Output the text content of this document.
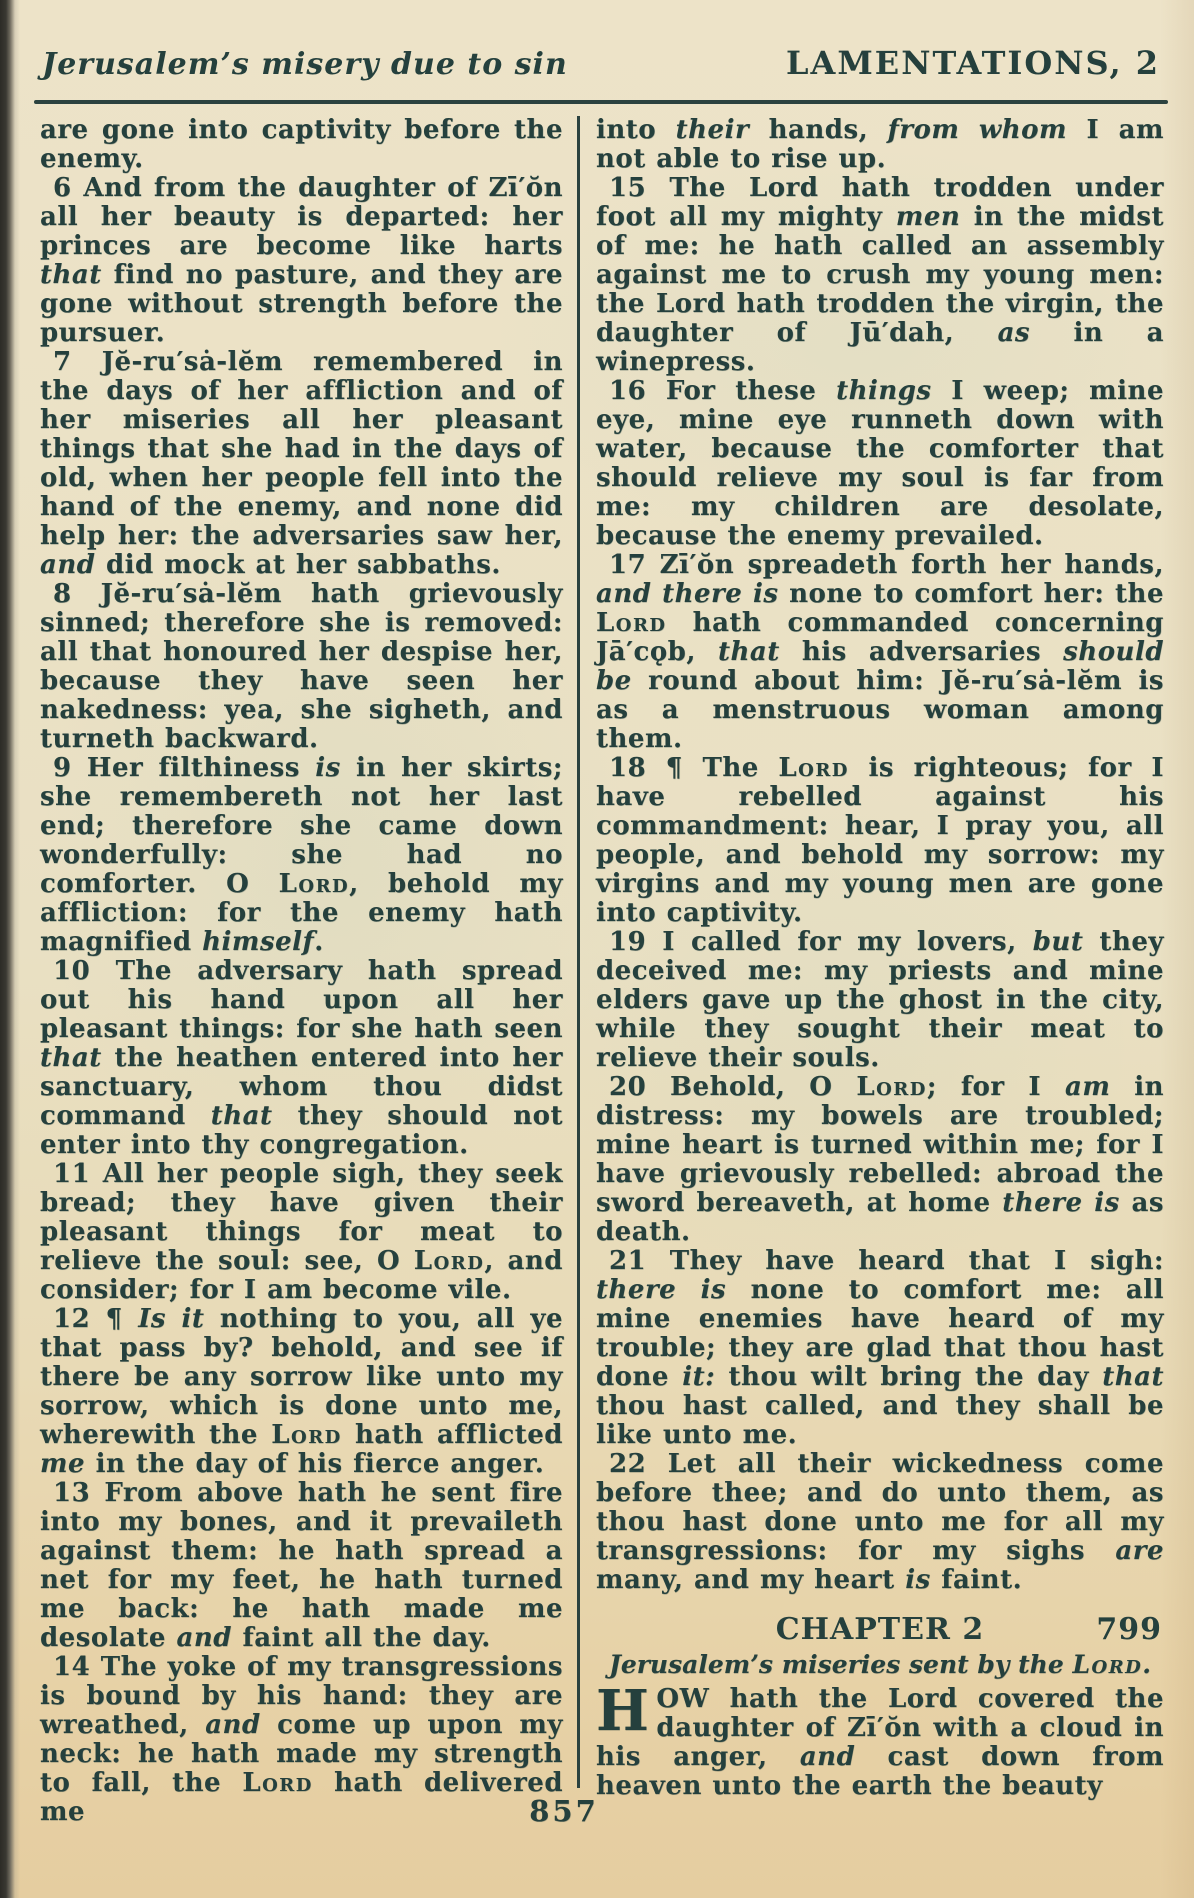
Jerusalem’s misery due to sin	LAMENTATIONS, 2

are gone into captivity before the enemy.

6 And from the daughter of Zī′ŏn all her beauty is departed: her princes are become like harts that find no pasture, and they are gone without strength before the pursuer.

7 Jĕ-ru′sȧ-lĕm remembered in the days of her affliction and of her miseries all her pleasant things that she had in the days of old, when her people fell into the hand of the enemy, and none did help her: the adversaries saw her, and did mock at her sabbaths.

8 Jĕ-ru′sȧ-lĕm hath grievously sinned; therefore she is removed: all that honoured her despise her, because they have seen her nakedness: yea, she sigheth, and turneth backward.

9 Her filthiness is in her skirts; she remembereth not her last end; therefore she came down wonderfully: she had no comforter. O Lord, behold my affliction: for the enemy hath magnified himself.

10 The adversary hath spread out his hand upon all her pleasant things: for she hath seen that the heathen entered into her sanctuary, whom thou didst command that they should not enter into thy congregation.

11 All her people sigh, they seek bread; they have given their pleasant things for meat to relieve the soul: see, O Lord, and consider; for I am become vile.

12 ¶ Is it nothing to you, all ye that pass by? behold, and see if there be any sorrow like unto my sorrow, which is done unto me, wherewith the Lord hath afflicted me in the day of his fierce anger.

13 From above hath he sent fire into my bones, and it prevaileth against them: he hath spread a net for my feet, he hath turned me back: he hath made me desolate and faint all the day.

14 The yoke of my transgressions is bound by his hand: they are wreathed, and come up upon my neck: he hath made my strength to fall, the Lord hath delivered me

into their hands, from whom I am not able to rise up.

15 The Lord hath trodden under foot all my mighty men in the midst of me: he hath called an assembly against me to crush my young men: the Lord hath trodden the virgin, the daughter of Jū′dah, as in a winepress.

16 For these things I weep; mine eye, mine eye runneth down with water, because the comforter that should relieve my soul is far from me: my children are desolate, because the enemy prevailed.

17 Zī′ŏn spreadeth forth her hands, and there is none to comfort her: the Lord hath commanded concerning Jā′cǫb, that his adversaries should be round about him: Jĕ-ru′sȧ-lĕm is as a menstruous woman among them.

18 ¶ The Lord is righteous; for I have rebelled against his commandment: hear, I pray you, all people, and behold my sorrow: my virgins and my young men are gone into captivity.

19 I called for my lovers, but they deceived me: my priests and mine elders gave up the ghost in the city, while they sought their meat to relieve their souls.

20 Behold, O Lord; for I am in distress: my bowels are troubled; mine heart is turned within me; for I have grievously rebelled: abroad the sword bereaveth, at home there is as death.

21 They have heard that I sigh: there is none to comfort me: all mine enemies have heard of my trouble; they are glad that thou hast done it: thou wilt bring the day that thou hast called, and they shall be like unto me.

22 Let all their wickedness come before thee; and do unto them, as thou hast done unto me for all my transgressions: for my sighs are many, and my heart is faint.

CHAPTER 2	799
Jerusalem’s miseries sent by the Lord.

HOW hath the Lord covered the daughter of Zī′ŏn with a cloud in his anger, and cast down from heaven unto the earth the beauty

857
